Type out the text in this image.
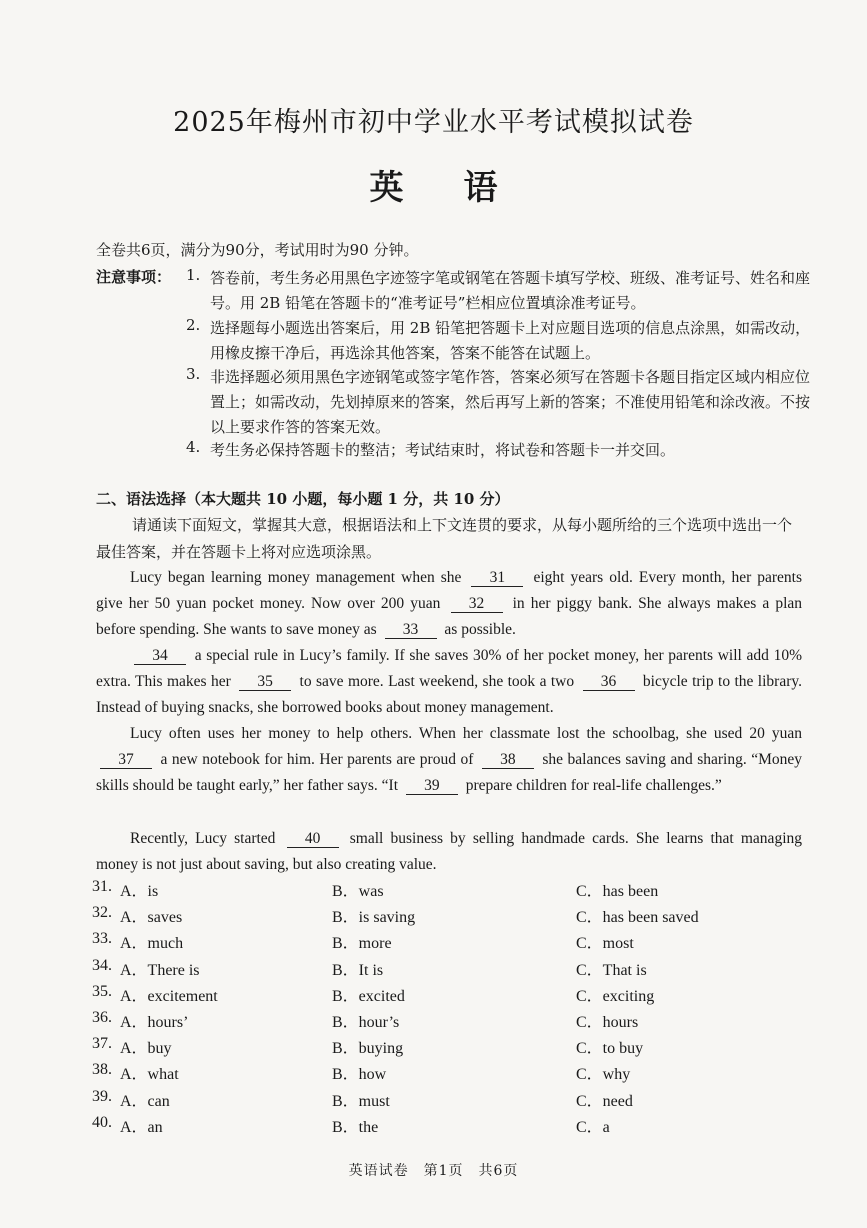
2025年梅州市初中学业水平考试模拟试卷
英语
全卷共6页，满分为90分，考试用时为90 分钟。
注意事项： 1. 答卷前，考生务必用黑色字迹签字笔或钢笔在答题卡填写学校、班级、准考证号、姓名和座号。用 2B 铅笔在答题卡的“准考证号”栏相应位置填涂准考证号。
2. 选择题每小题选出答案后，用 2B 铅笔把答题卡上对应题目选项的信息点涂黑，如需改动，用橡皮擦干净后，再选涂其他答案，答案不能答在试题上。
3. 非选择题必须用黑色字迹钢笔或签字笔作答，答案必须写在答题卡各题目指定区域内相应位置上；如需改动，先划掉原来的答案，然后再写上新的答案；不准使用铅笔和涂改液。不按以上要求作答的答案无效。
4. 考生务必保持答题卡的整洁；考试结束时，将试卷和答题卡一并交回。
二、语法选择（本大题共 10 小题，每小题 1 分，共 10 分）
请通读下面短文，掌握其大意，根据语法和上下文连贯的要求，从每小题所给的三个选项中选出一个最佳答案，并在答题卡上将对应选项涂黑。
Lucy began learning money management when she 31 eight years old. Every month, her parents give her 50 yuan pocket money. Now over 200 yuan 32 in her piggy bank. She always makes a plan before spending. She wants to save money as 33 as possible.
34 a special rule in Lucy’s family. If she saves 30% of her pocket money, her parents will add 10% extra. This makes her 35 to save more. Last weekend, she took a two 36 bicycle trip to the library. Instead of buying snacks, she borrowed books about money management.
Lucy often uses her money to help others. When her classmate lost the schoolbag, she used 20 yuan 37 a new notebook for him. Her parents are proud of 38 she balances saving and sharing. “Money skills should be taught early,” her father says. “It 39 prepare children for real-life challenges.”
Recently, Lucy started 40 small business by selling handmade cards. She learns that managing money is not just about saving, but also creating value.
31. A．is	B．was	C．has been
32. A．saves	B．is saving	C．has been saved
33. A．much	B．more	C．most
34. A．There is	B．It is	C．That is
35. A．excitement	B．excited	C．exciting
36. A．hours’	B．hour’s	C．hours
37. A．buy	B．buying	C．to buy
38. A．what	B．how	C．why
39. A．can	B．must	C．need
40. A．an	B．the	C．a
英语试卷　第1页　共6页
